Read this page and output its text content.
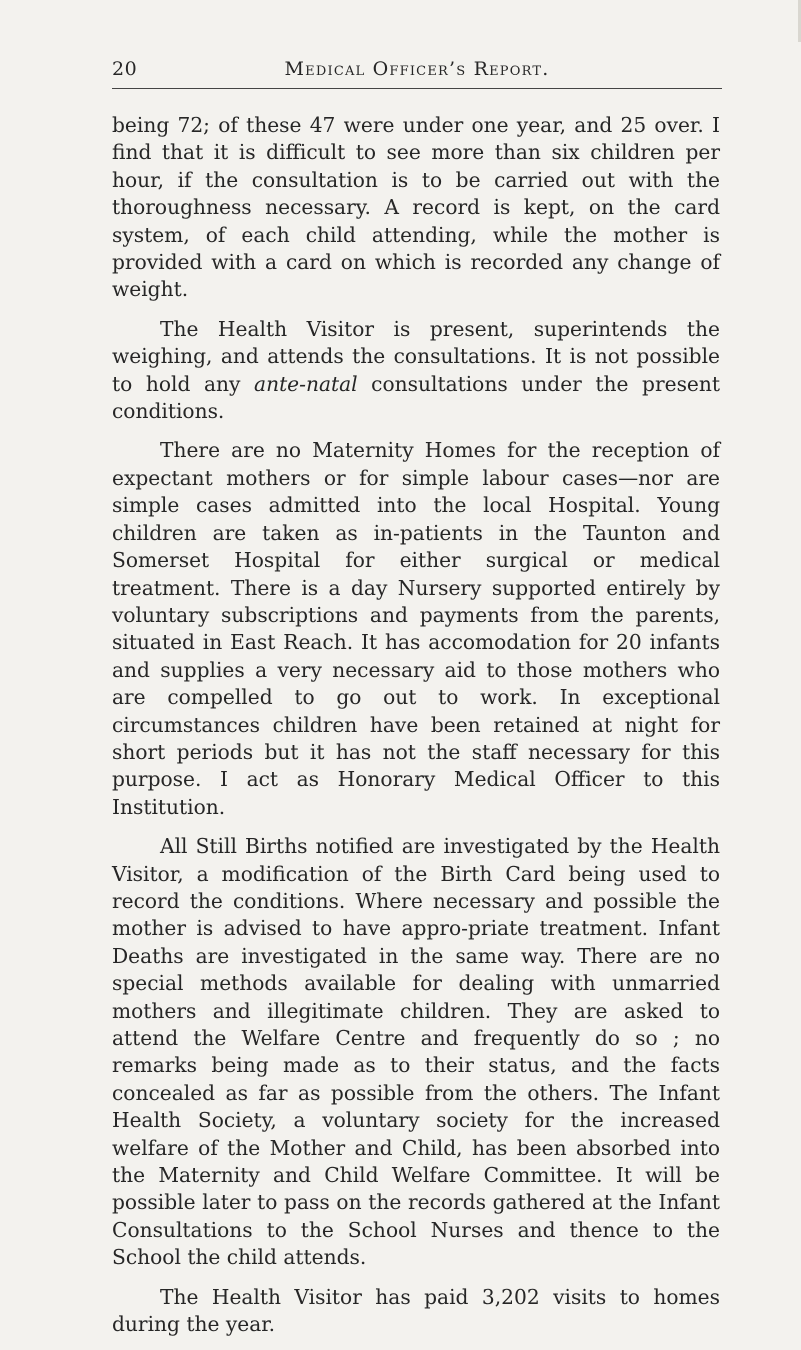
20	Medical Officer’s Report.

being 72; of these 47 were under one year, and 25 over. I find that it is difficult to see more than six children per hour, if the consultation is to be carried out with the thoroughness necessary. A record is kept, on the card system, of each child attending, while the mother is provided with a card on which is recorded any change of weight.

The Health Visitor is present, superintends the weighing, and attends the consultations. It is not possible to hold any ante-natal consultations under the present conditions.

There are no Maternity Homes for the reception of expectant mothers or for simple labour cases—nor are simple cases admitted into the local Hospital. Young children are taken as in-patients in the Taunton and Somerset Hospital for either surgical or medical treatment. There is a day Nursery supported entirely by voluntary subscriptions and payments from the parents, situated in East Reach. It has accomodation for 20 infants and supplies a very necessary aid to those mothers who are compelled to go out to work. In exceptional circumstances children have been retained at night for short periods but it has not the staff necessary for this purpose. I act as Honorary Medical Officer to this Institution.

All Still Births notified are investigated by the Health Visitor, a modification of the Birth Card being used to record the conditions. Where necessary and possible the mother is advised to have appro-priate treatment. Infant Deaths are investigated in the same way. There are no special methods available for dealing with unmarried mothers and illegitimate children. They are asked to attend the Welfare Centre and frequently do so ; no remarks being made as to their status, and the facts concealed as far as possible from the others. The Infant Health Society, a voluntary society for the increased welfare of the Mother and Child, has been absorbed into the Maternity and Child Welfare Committee. It will be possible later to pass on the records gathered at the Infant Consultations to the School Nurses and thence to the School the child attends.

The Health Visitor has paid 3,202 visits to homes during the year.
